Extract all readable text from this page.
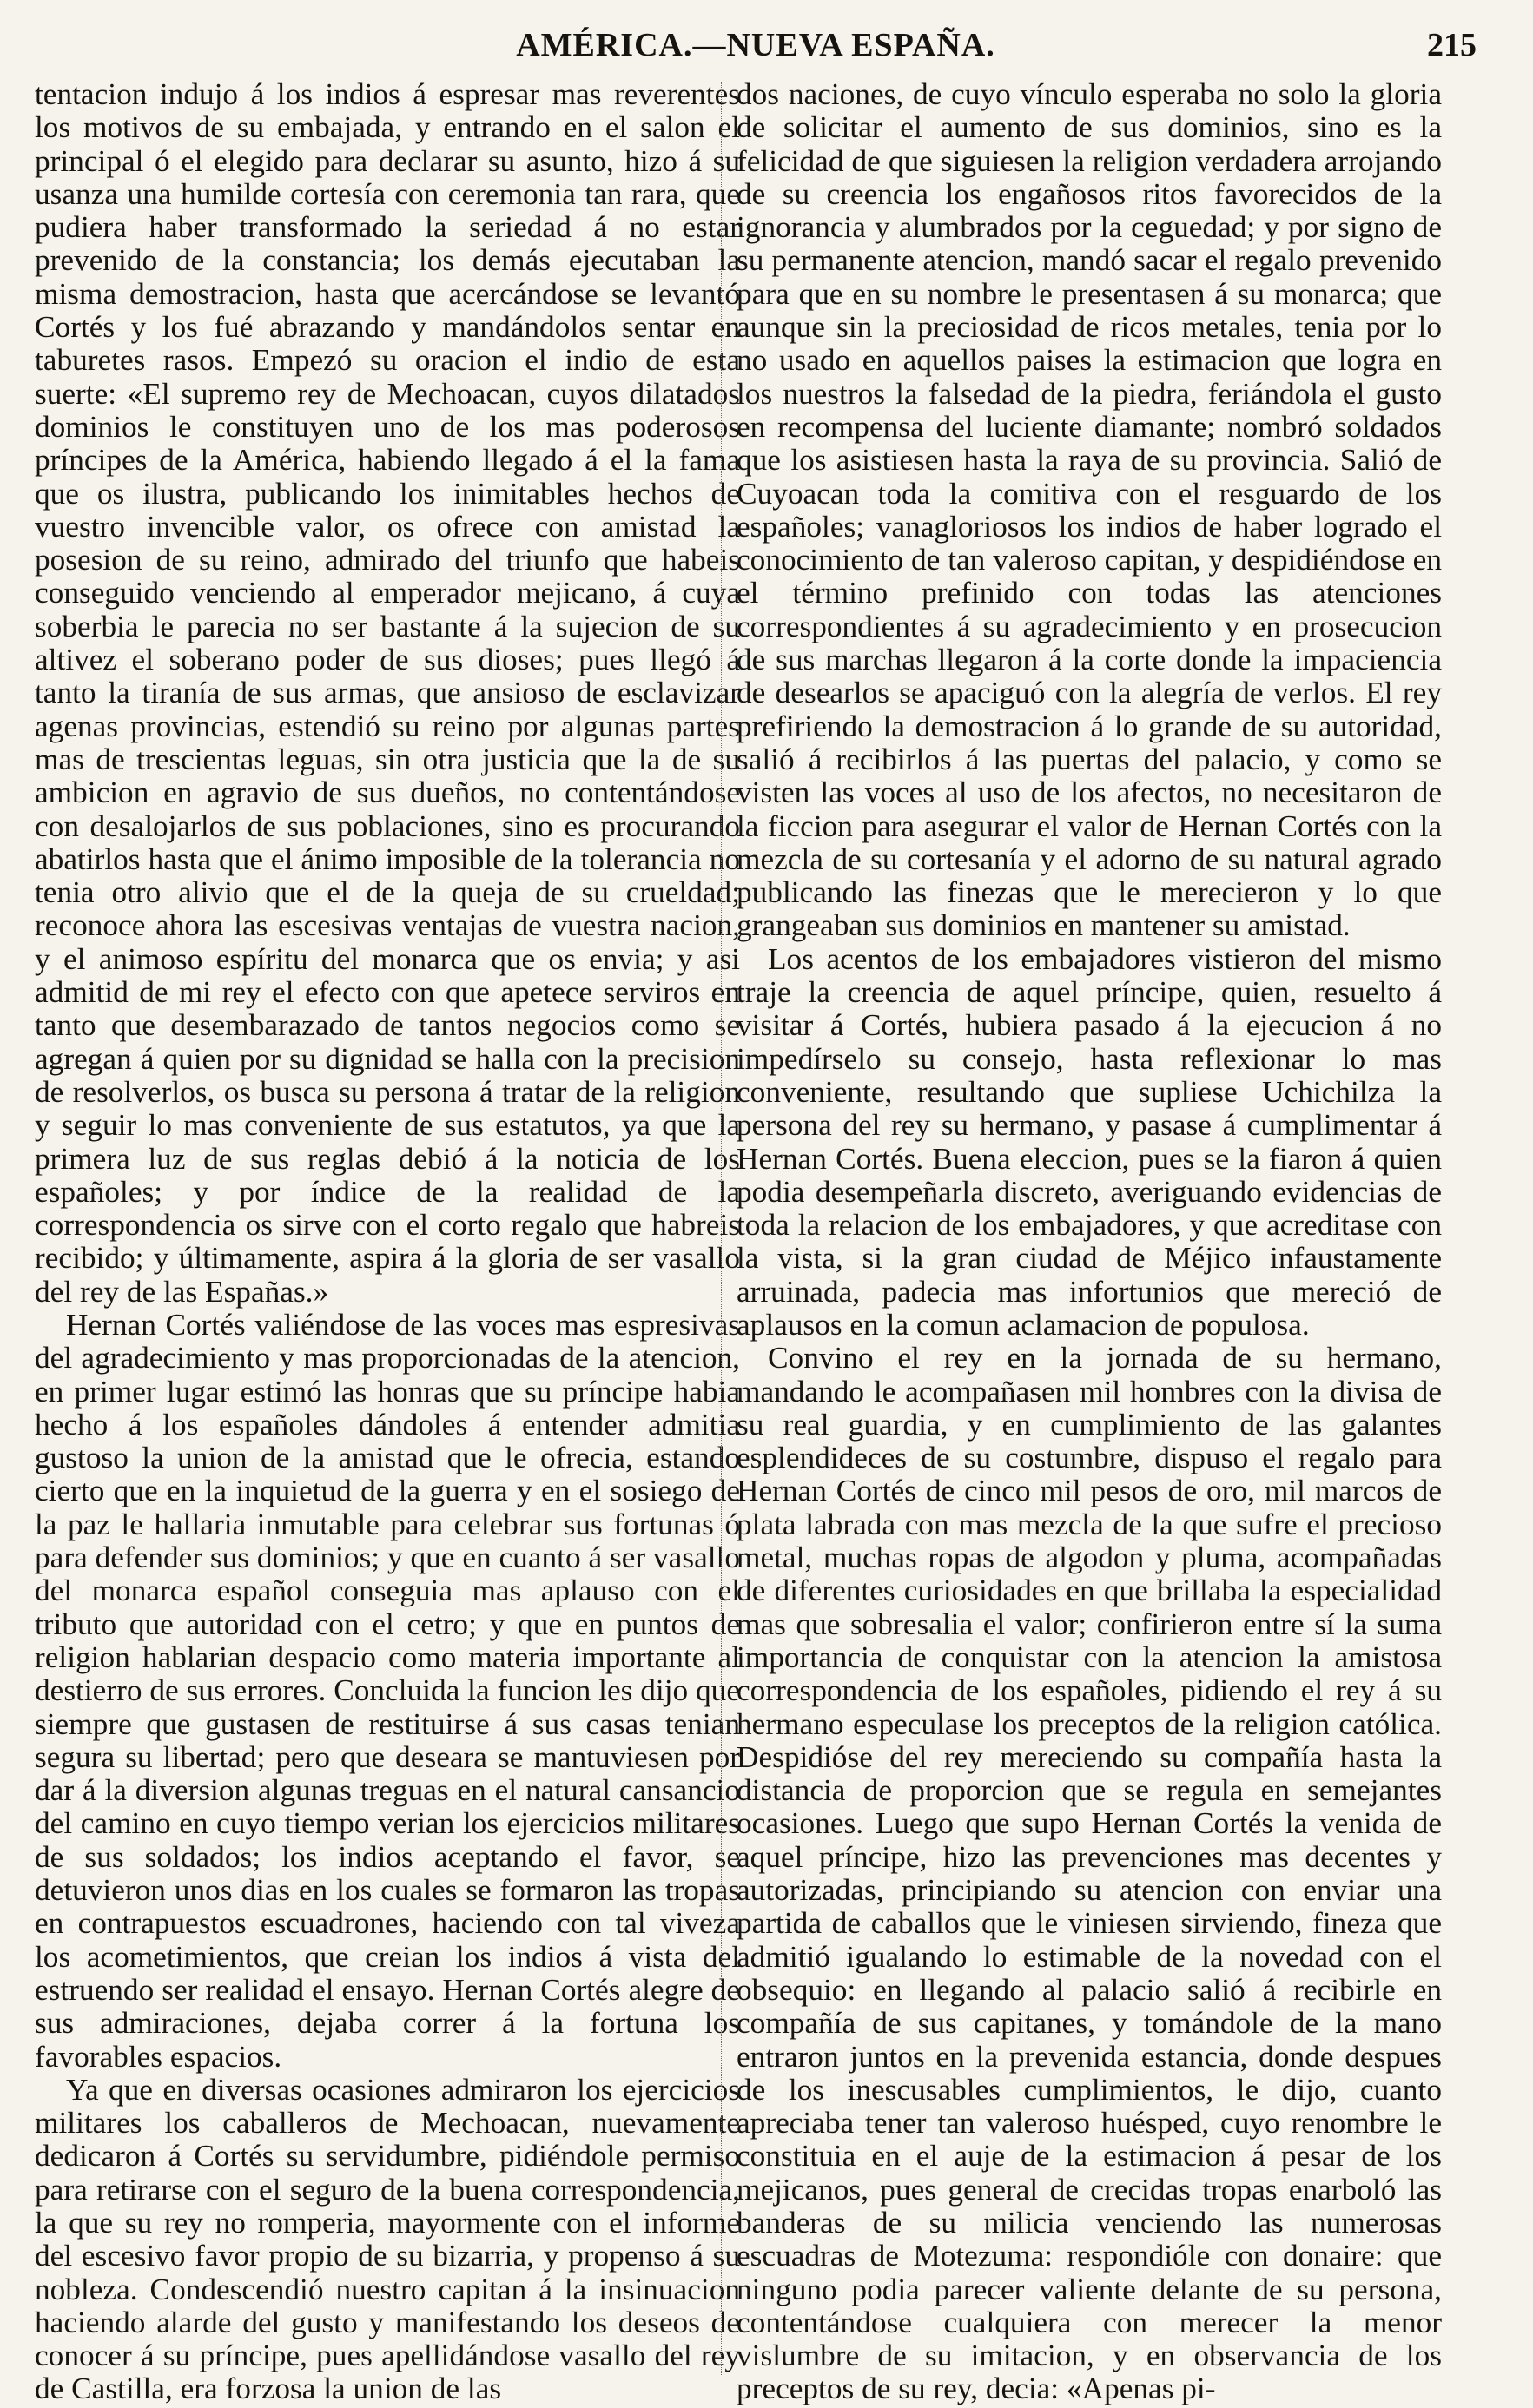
AMÉRICA.—NUEVA ESPAÑA.	215

tentacion indujo á los indios á espresar mas reverentes los motivos de su embajada, y entrando en el salon el principal ó el elegido para declarar su asunto, hizo á su usanza una humilde cortesía con ceremonia tan rara, que pudiera haber transformado la seriedad á no estar prevenido de la constancia; los demás ejecutaban la misma demostracion, hasta que acercándose se levantó Cortés y los fué abrazando y mandándolos sentar en taburetes rasos. Empezó su oracion el indio de esta suerte: «El supremo rey de Mechoacan, cuyos dilatados dominios le constituyen uno de los mas poderosos príncipes de la América, habiendo llegado á el la fama que os ilustra, publicando los inimitables hechos de vuestro invencible valor, os ofrece con amistad la posesion de su reino, admirado del triunfo que habeis conseguido venciendo al emperador mejicano, á cuya soberbia le parecia no ser bastante á la sujecion de su altivez el soberano poder de sus dioses; pues llegó á tanto la tiranía de sus armas, que ansioso de esclavizar agenas provincias, estendió su reino por algunas partes mas de trescientas leguas, sin otra justicia que la de su ambicion en agravio de sus dueños, no contentándose con desalojarlos de sus poblaciones, sino es procurando abatirlos hasta que el ánimo imposible de la tolerancia no tenia otro alivio que el de la queja de su crueldad; reconoce ahora las escesivas ventajas de vuestra nacion, y el animoso espíritu del monarca que os envia; y asi admitid de mi rey el efecto con que apetece serviros en tanto que desembarazado de tantos negocios como se agregan á quien por su dignidad se halla con la precision de resolverlos, os busca su persona á tratar de la religion y seguir lo mas conveniente de sus estatutos, ya que la primera luz de sus reglas debió á la noticia de los españoles; y por índice de la realidad de la correspondencia os sirve con el corto regalo que habreis recibido; y últimamente, aspira á la gloria de ser vasallo del rey de las Españas.»

Hernan Cortés valiéndose de las voces mas espresivas del agradecimiento y mas proporcionadas de la atencion, en primer lugar estimó las honras que su príncipe habia hecho á los españoles dándoles á entender admitia gustoso la union de la amistad que le ofrecia, estando cierto que en la inquietud de la guerra y en el sosiego de la paz le hallaria inmutable para celebrar sus fortunas ó para defender sus dominios; y que en cuanto á ser vasallo del monarca español conseguia mas aplauso con el tributo que autoridad con el cetro; y que en puntos de religion hablarian despacio como materia importante al destierro de sus errores. Concluida la funcion les dijo que siempre que gustasen de restituirse á sus casas tenian segura su libertad; pero que deseara se mantuviesen por dar á la diversion algunas treguas en el natural cansancio del camino en cuyo tiempo verian los ejercicios militares de sus soldados; los indios aceptando el favor, se detuvieron unos dias en los cuales se formaron las tropas en contrapuestos escuadrones, haciendo con tal viveza los acometimientos, que creian los indios á vista del estruendo ser realidad el ensayo. Hernan Cortés alegre de sus admiraciones, dejaba correr á la fortuna los favorables espacios.

Ya que en diversas ocasiones admiraron los ejercicios militares los caballeros de Mechoacan, nuevamente dedicaron á Cortés su servidumbre, pidiéndole permiso para retirarse con el seguro de la buena correspondencia, la que su rey no romperia, mayormente con el informe del escesivo favor propio de su bizarria, y propenso á su nobleza. Condescendió nuestro capitan á la insinuacion haciendo alarde del gusto y manifestando los deseos de conocer á su príncipe, pues apellidándose vasallo del rey de Castilla, era forzosa la union de las

dos naciones, de cuyo vínculo esperaba no solo la gloria de solicitar el aumento de sus dominios, sino es la felicidad de que siguiesen la religion verdadera arrojando de su creencia los engañosos ritos favorecidos de la ignorancia y alumbrados por la ceguedad; y por signo de su permanente atencion, mandó sacar el regalo prevenido para que en su nombre le presentasen á su monarca; que aunque sin la preciosidad de ricos metales, tenia por lo no usado en aquellos paises la estimacion que logra en los nuestros la falsedad de la piedra, feriándola el gusto en recompensa del luciente diamante; nombró soldados que los asistiesen hasta la raya de su provincia. Salió de Cuyoacan toda la comitiva con el resguardo de los españoles; vanagloriosos los indios de haber logrado el conocimiento de tan valeroso capitan, y despidiéndose en el término prefinido con todas las atenciones correspondientes á su agradecimiento y en prosecucion de sus marchas llegaron á la corte donde la impaciencia de desearlos se apaciguó con la alegría de verlos. El rey prefiriendo la demostracion á lo grande de su autoridad, salió á recibirlos á las puertas del palacio, y como se visten las voces al uso de los afectos, no necesitaron de la ficcion para asegurar el valor de Hernan Cortés con la mezcla de su cortesanía y el adorno de su natural agrado publicando las finezas que le merecieron y lo que grangeaban sus dominios en mantener su amistad.

Los acentos de los embajadores vistieron del mismo traje la creencia de aquel príncipe, quien, resuelto á visitar á Cortés, hubiera pasado á la ejecucion á no impedírselo su consejo, hasta reflexionar lo mas conveniente, resultando que supliese Uchichilza la persona del rey su hermano, y pasase á cumplimentar á Hernan Cortés. Buena eleccion, pues se la fiaron á quien podia desempeñarla discreto, averiguando evidencias de toda la relacion de los embajadores, y que acreditase con la vista, si la gran ciudad de Méjico infaustamente arruinada, padecia mas infortunios que mereció de aplausos en la comun aclamacion de populosa.

Convino el rey en la jornada de su hermano, mandando le acompañasen mil hombres con la divisa de su real guardia, y en cumplimiento de las galantes esplendideces de su costumbre, dispuso el regalo para Hernan Cortés de cinco mil pesos de oro, mil marcos de plata labrada con mas mezcla de la que sufre el precioso metal, muchas ropas de algodon y pluma, acompañadas de diferentes curiosidades en que brillaba la especialidad mas que sobresalia el valor; confirieron entre sí la suma importancia de conquistar con la atencion la amistosa correspondencia de los españoles, pidiendo el rey á su hermano especulase los preceptos de la religion católica. Despidióse del rey mereciendo su compañía hasta la distancia de proporcion que se regula en semejantes ocasiones. Luego que supo Hernan Cortés la venida de aquel príncipe, hizo las prevenciones mas decentes y autorizadas, principiando su atencion con enviar una partida de caballos que le viniesen sirviendo, fineza que admitió igualando lo estimable de la novedad con el obsequio: en llegando al palacio salió á recibirle en compañía de sus capitanes, y tomándole de la mano entraron juntos en la prevenida estancia, donde despues de los inescusables cumplimientos, le dijo, cuanto apreciaba tener tan valeroso huésped, cuyo renombre le constituia en el auje de la estimacion á pesar de los mejicanos, pues general de crecidas tropas enarboló las banderas de su milicia venciendo las numerosas escuadras de Motezuma: respondióle con donaire: que ninguno podia parecer valiente delante de su persona, contentándose cualquiera con merecer la menor vislumbre de su imitacion, y en observancia de los preceptos de su rey, decia: «Apenas pi-
